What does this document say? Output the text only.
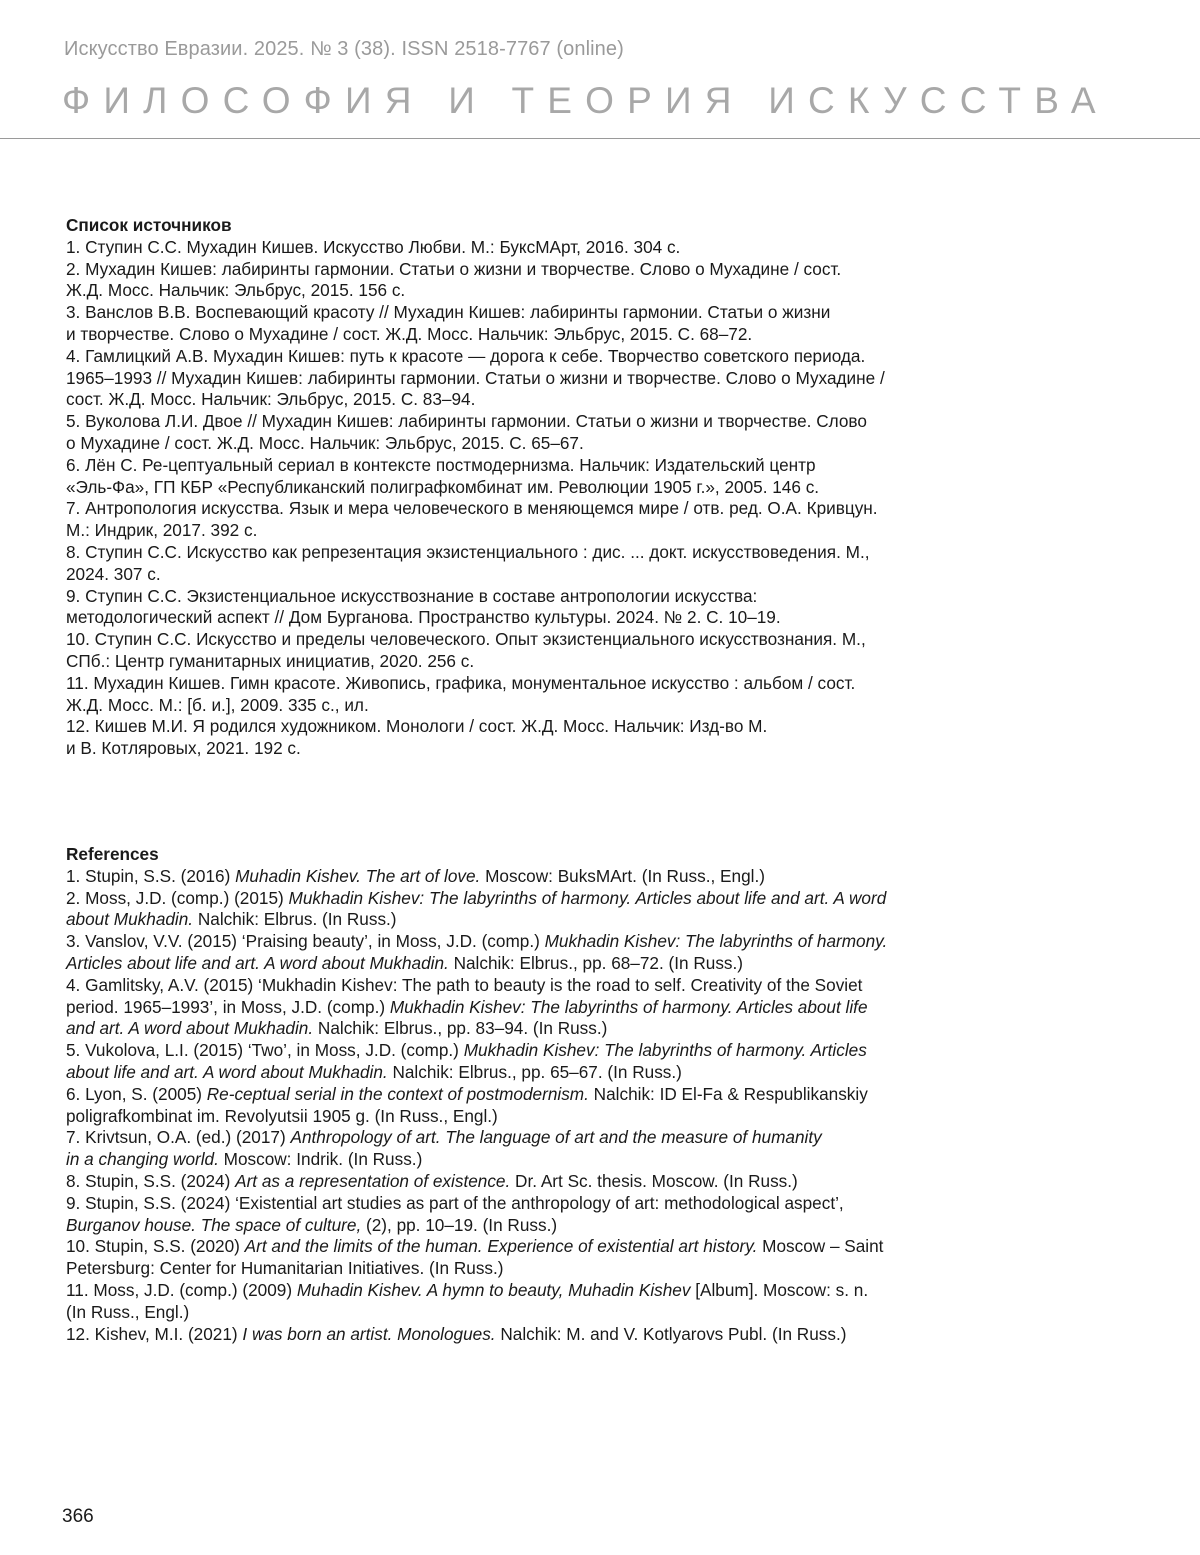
Искусство Евразии. 2025. № 3 (38). ISSN 2518-7767 (online)
ФИЛОСОФИЯ И ТЕОРИЯ ИСКУССТВА
Список источников
1. Ступин С.С. Мухадин Кишев. Искусство Любви. М.: БуксМАрт, 2016. 304 с.
2. Мухадин Кишев: лабиринты гармонии. Статьи о жизни и творчестве. Слово о Мухадине / сост.
Ж.Д. Мосс. Нальчик: Эльбрус, 2015. 156 с.
3. Ванслов В.В. Воспевающий красоту // Мухадин Кишев: лабиринты гармонии. Статьи о жизни
и творчестве. Слово о Мухадине / сост. Ж.Д. Мосс. Нальчик: Эльбрус, 2015. С. 68–72.
4. Гамлицкий А.В. Мухадин Кишев: путь к красоте — дорога к себе. Творчество советского периода.
1965–1993 // Мухадин Кишев: лабиринты гармонии. Статьи о жизни и творчестве. Слово о Мухадине /
сост. Ж.Д. Мосс. Нальчик: Эльбрус, 2015. С. 83–94.
5. Вуколова Л.И. Двое // Мухадин Кишев: лабиринты гармонии. Статьи о жизни и творчестве. Слово
о Мухадине / сост. Ж.Д. Мосс. Нальчик: Эльбрус, 2015. С. 65–67.
6. Лён С. Ре-цептуальный сериал в контексте постмодернизма. Нальчик: Издательский центр
«Эль-Фа», ГП КБР «Республиканский полиграфкомбинат им. Революции 1905 г.», 2005. 146 с.
7. Антропология искусства. Язык и мера человеческого в меняющемся мире / отв. ред. О.А. Кривцун.
М.: Индрик, 2017. 392 с.
8. Ступин С.С. Искусство как репрезентация экзистенциального : дис. ... докт. искусствоведения. М.,
2024. 307 с.
9. Ступин С.С. Экзистенциальное искусствознание в составе антропологии искусства:
методологический аспект // Дом Бурганова. Пространство культуры. 2024. № 2. С. 10–19.
10. Ступин С.С. Искусство и пределы человеческого. Опыт экзистенциального искусствознания. М.,
СПб.: Центр гуманитарных инициатив, 2020. 256 с.
11. Мухадин Кишев. Гимн красоте. Живопись, графика, монументальное искусство : альбом / сост.
Ж.Д. Мосс. М.: [б. и.], 2009. 335 с., ил.
12. Кишев М.И. Я родился художником. Монологи / сост. Ж.Д. Мосс. Нальчик: Изд-во М.
и В. Котляровых, 2021. 192 с.
References
1. Stupin, S.S. (2016) Muhadin Kishev. The art of love. Moscow: BuksMArt. (In Russ., Engl.)
2. Moss, J.D. (comp.) (2015) Mukhadin Kishev: The labyrinths of harmony. Articles about life and art. A word
about Mukhadin. Nalchik: Elbrus. (In Russ.)
3. Vanslov, V.V. (2015) ‘Praising beauty’, in Moss, J.D. (comp.) Mukhadin Kishev: The labyrinths of harmony.
Articles about life and art. A word about Mukhadin. Nalchik: Elbrus., pp. 68–72. (In Russ.)
4. Gamlitsky, A.V. (2015) ‘Mukhadin Kishev: The path to beauty is the road to self. Creativity of the Soviet
period. 1965–1993’, in Moss, J.D. (comp.) Mukhadin Kishev: The labyrinths of harmony. Articles about life
and art. A word about Mukhadin. Nalchik: Elbrus., pp. 83–94. (In Russ.)
5. Vukolova, L.I. (2015) ‘Two’, in Moss, J.D. (comp.) Mukhadin Kishev: The labyrinths of harmony. Articles
about life and art. A word about Mukhadin. Nalchik: Elbrus., pp. 65–67. (In Russ.)
6. Lyon, S. (2005) Re-ceptual serial in the context of postmodernism. Nalchik: ID El-Fa & Respublikanskiy
poligrafkombinat im. Revolyutsii 1905 g. (In Russ., Engl.)
7. Krivtsun, O.A. (ed.) (2017) Anthropology of art. The language of art and the measure of humanity
in a changing world. Moscow: Indrik. (In Russ.)
8. Stupin, S.S. (2024) Art as a representation of existence. Dr. Art Sc. thesis. Moscow. (In Russ.)
9. Stupin, S.S. (2024) ‘Existential art studies as part of the anthropology of art: methodological aspect’,
Burganov house. The space of culture, (2), pp. 10–19. (In Russ.)
10. Stupin, S.S. (2020) Art and the limits of the human. Experience of existential art history. Moscow – Saint
Petersburg: Center for Humanitarian Initiatives. (In Russ.)
11. Moss, J.D. (comp.) (2009) Muhadin Kishev. A hymn to beauty, Muhadin Kishev [Album]. Moscow: s. n.
(In Russ., Engl.)
12. Kishev, M.I. (2021) I was born an artist. Monologues. Nalchik: M. and V. Kotlyarovs Publ. (In Russ.)
366
